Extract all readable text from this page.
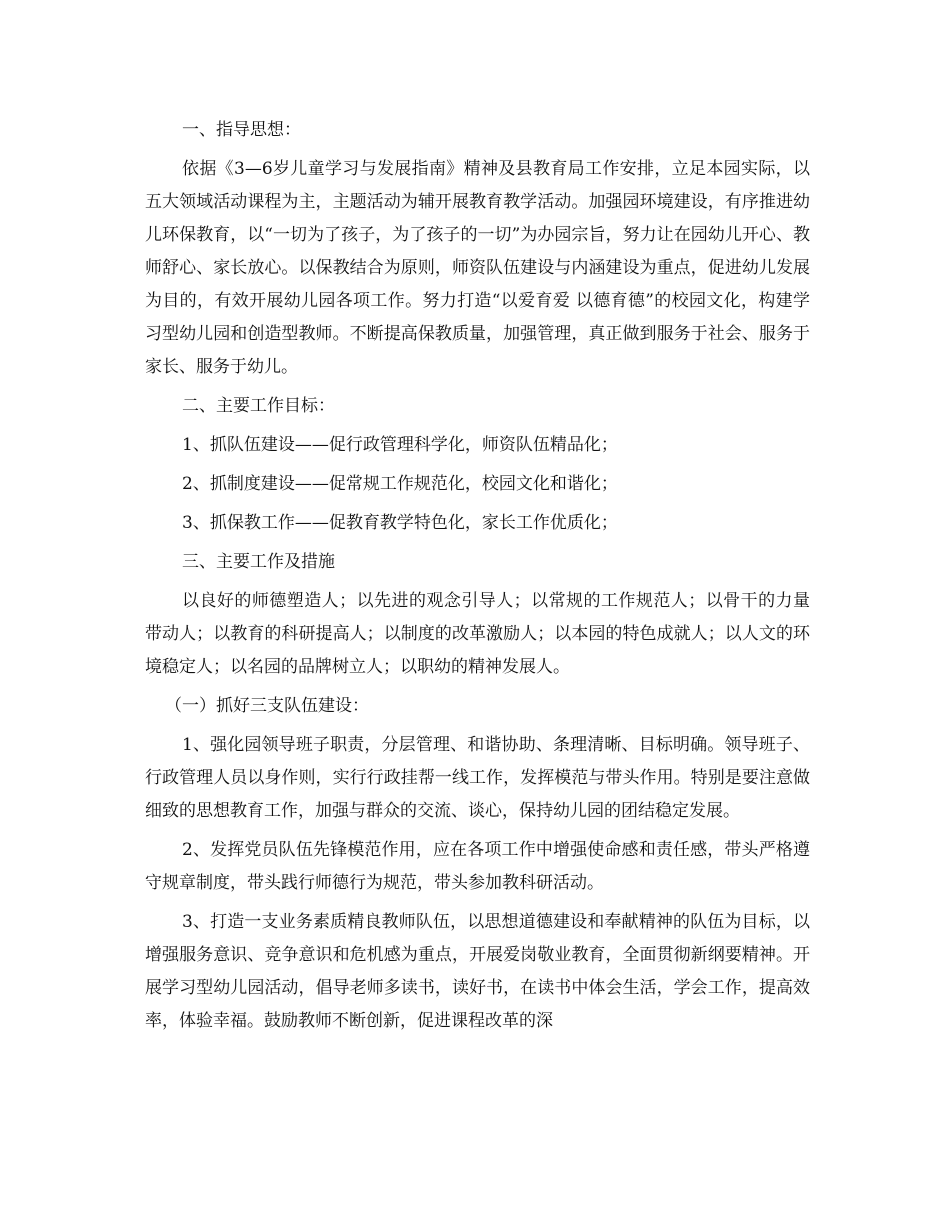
一、指导思想：

依据《3—6岁儿童学习与发展指南》精神及县教育局工作安排，立足本园实际，以五大领域活动课程为主，主题活动为辅开展教育教学活动。加强园环境建设，有序推进幼儿环保教育，以“一切为了孩子，为了孩子的一切”为办园宗旨，努力让在园幼儿开心、教师舒心、家长放心。以保教结合为原则，师资队伍建设与内涵建设为重点，促进幼儿发展为目的，有效开展幼儿园各项工作。努力打造“以爱育爱 以德育德”的校园文化，构建学习型幼儿园和创造型教师。不断提高保教质量，加强管理，真正做到服务于社会、服务于家长、服务于幼儿。

二、主要工作目标：

1、抓队伍建设——促行政管理科学化，师资队伍精品化；

2、抓制度建设——促常规工作规范化，校园文化和谐化；

3、抓保教工作——促教育教学特色化，家长工作优质化；

三、主要工作及措施

以良好的师德塑造人；以先进的观念引导人；以常规的工作规范人；以骨干的力量带动人；以教育的科研提高人；以制度的改革激励人；以本园的特色成就人；以人文的环境稳定人；以名园的品牌树立人；以职幼的精神发展人。

（一）抓好三支队伍建设：

1、强化园领导班子职责，分层管理、和谐协助、条理清晰、目标明确。领导班子、行政管理人员以身作则，实行行政挂帮一线工作，发挥模范与带头作用。特别是要注意做细致的思想教育工作，加强与群众的交流、谈心，保持幼儿园的团结稳定发展。

2、发挥党员队伍先锋模范作用，应在各项工作中增强使命感和责任感，带头严格遵守规章制度，带头践行师德行为规范，带头参加教科研活动。

3、打造一支业务素质精良教师队伍，以思想道德建设和奉献精神的队伍为目标，以增强服务意识、竞争意识和危机感为重点，开展爱岗敬业教育，全面贯彻新纲要精神。开展学习型幼儿园活动，倡导老师多读书，读好书，在读书中体会生活，学会工作，提高效率，体验幸福。鼓励教师不断创新，促进课程改革的深
